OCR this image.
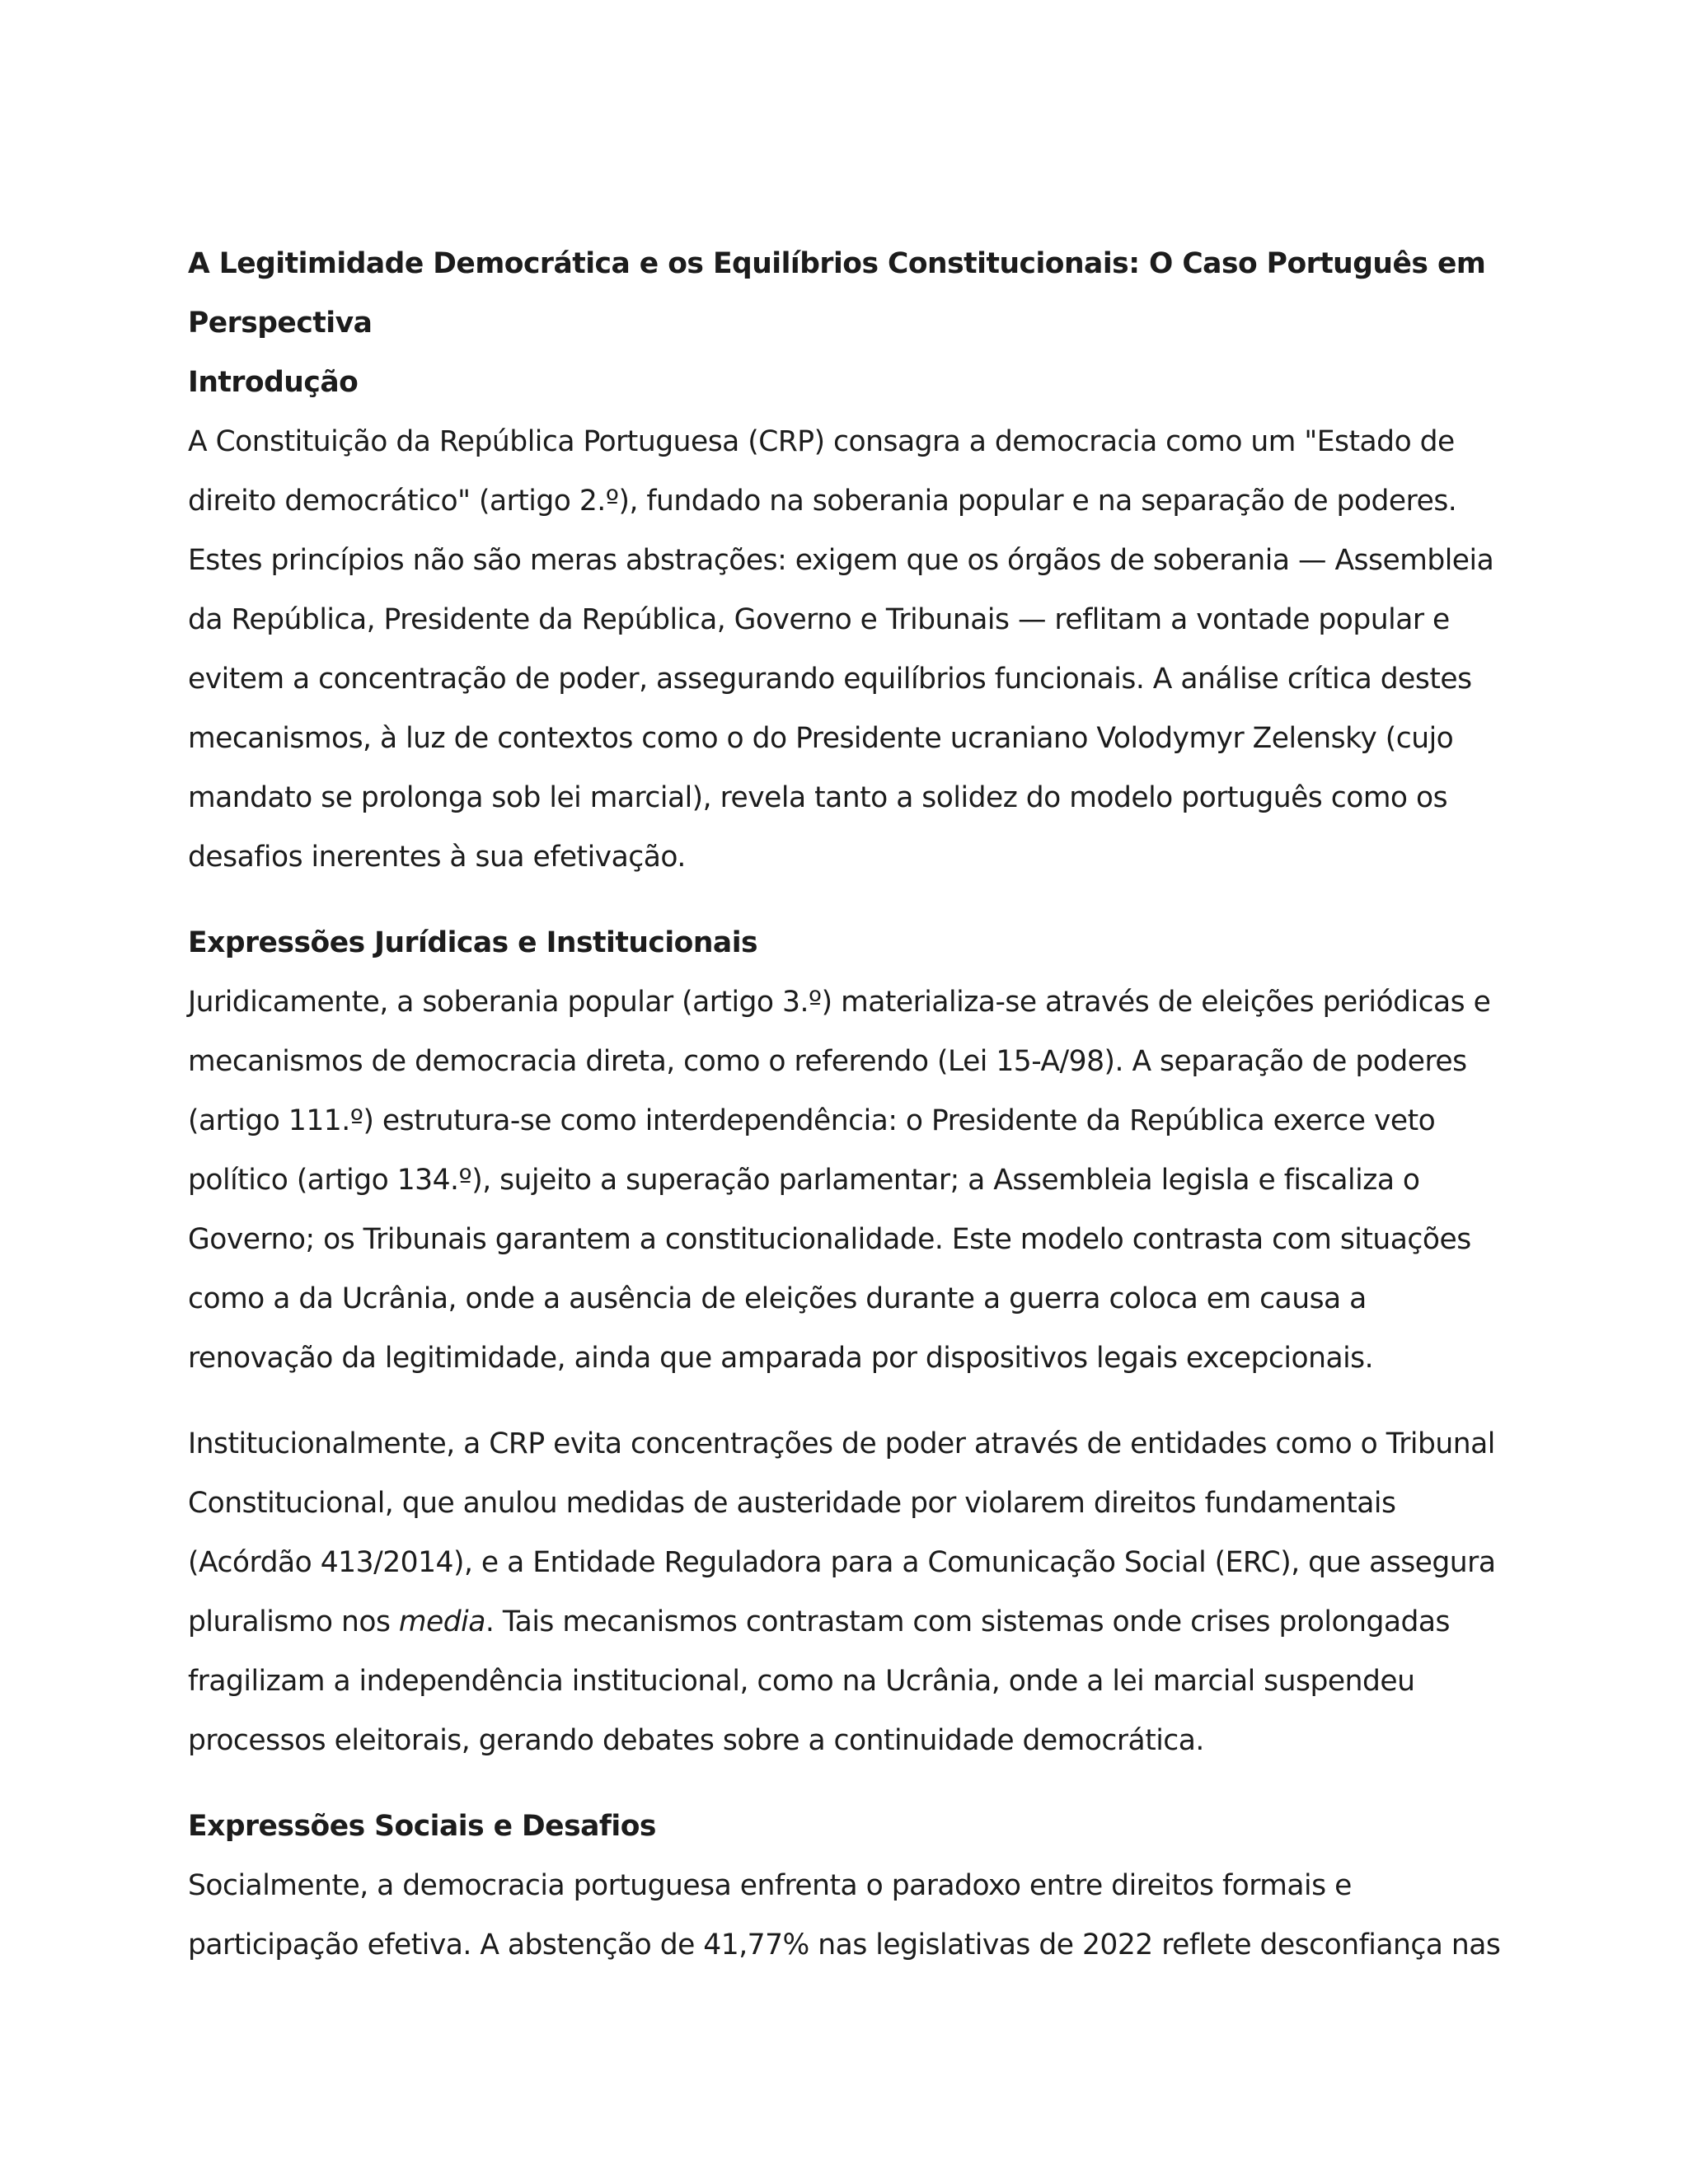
A Legitimidade Democrática e os Equilíbrios Constitucionais: O Caso Português em Perspectiva

Introdução

A Constituição da República Portuguesa (CRP) consagra a democracia como um "Estado de direito democrático" (artigo 2.º), fundado na soberania popular e na separação de poderes. Estes princípios não são meras abstrações: exigem que os órgãos de soberania — Assembleia da República, Presidente da República, Governo e Tribunais — reflitam a vontade popular e evitem a concentração de poder, assegurando equilíbrios funcionais. A análise crítica destes mecanismos, à luz de contextos como o do Presidente ucraniano Volodymyr Zelensky (cujo mandato se prolonga sob lei marcial), revela tanto a solidez do modelo português como os desafios inerentes à sua efetivação.

Expressões Jurídicas e Institucionais

Juridicamente, a soberania popular (artigo 3.º) materializa-se através de eleições periódicas e mecanismos de democracia direta, como o referendo (Lei 15-A/98). A separação de poderes (artigo 111.º) estrutura-se como interdependência: o Presidente da República exerce veto político (artigo 134.º), sujeito a superação parlamentar; a Assembleia legisla e fiscaliza o Governo; os Tribunais garantem a constitucionalidade. Este modelo contrasta com situações como a da Ucrânia, onde a ausência de eleições durante a guerra coloca em causa a renovação da legitimidade, ainda que amparada por dispositivos legais excepcionais.

Institucionalmente, a CRP evita concentrações de poder através de entidades como o Tribunal Constitucional, que anulou medidas de austeridade por violarem direitos fundamentais (Acórdão 413/2014), e a Entidade Reguladora para a Comunicação Social (ERC), que assegura pluralismo nos media. Tais mecanismos contrastam com sistemas onde crises prolongadas fragilizam a independência institucional, como na Ucrânia, onde a lei marcial suspendeu processos eleitorais, gerando debates sobre a continuidade democrática.

Expressões Sociais e Desafios

Socialmente, a democracia portuguesa enfrenta o paradoxo entre direitos formais e participação efetiva. A abstenção de 41,77% nas legislativas de 2022 reflete desconfiança nas
